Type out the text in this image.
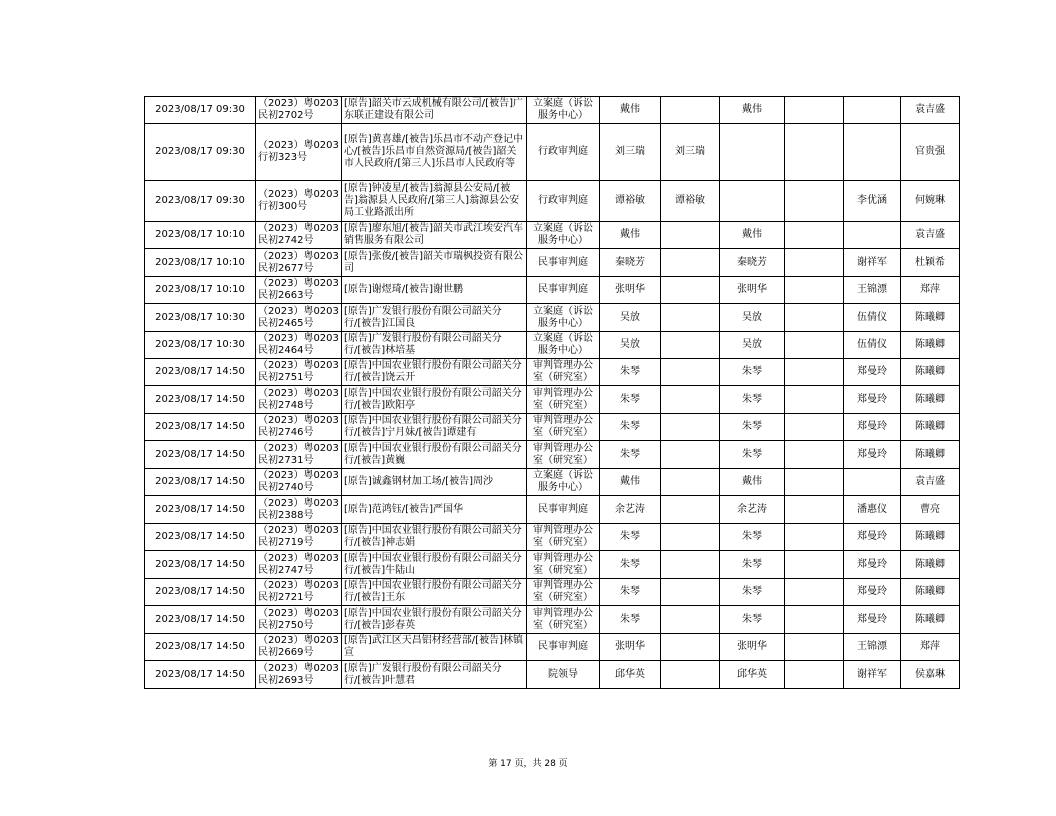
2023/08/17 09:30	（2023）粤0203民初2702号	[原告]韶关市云成机械有限公司/[被告]广东联正建设有限公司	立案庭（诉讼服务中心）	戴伟		戴伟			袁吉盛
2023/08/17 09:30	（2023）粤0203行初323号	[原告]黄喜雄/[被告]乐昌市不动产登记中心/[被告]乐昌市自然资源局/[被告]韶关市人民政府/[第三人]乐昌市人民政府等	行政审判庭	刘三瑞	刘三瑞				官贵强
2023/08/17 09:30	（2023）粤0203行初300号	[原告]钟凌星/[被告]翁源县公安局/[被告]翁源县人民政府/[第三人]翁源县公安局工业路派出所	行政审判庭	谭裕敏	谭裕敏			李优涵	何婉琳
2023/08/17 10:10	（2023）粤0203民初2742号	[原告]廖东旭/[被告]韶关市武江埃安汽车销售服务有限公司	立案庭（诉讼服务中心）	戴伟		戴伟			袁吉盛
2023/08/17 10:10	（2023）粤0203民初2677号	[原告]张俊/[被告]韶关市瑞枫投资有限公司	民事审判庭	秦晓芳		秦晓芳		谢祥军	杜颖希
2023/08/17 10:10	（2023）粤0203民初2663号	[原告]谢煜琦/[被告]谢世鹏	民事审判庭	张明华		张明华		王锦漂	郑萍
2023/08/17 10:30	（2023）粤0203民初2465号	[原告]广发银行股份有限公司韶关分行/[被告]江国良	立案庭（诉讼服务中心）	吴放		吴放		伍倩仪	陈曦卿
2023/08/17 10:30	（2023）粤0203民初2464号	[原告]广发银行股份有限公司韶关分行/[被告]林培基	立案庭（诉讼服务中心）	吴放		吴放		伍倩仪	陈曦卿
2023/08/17 14:50	（2023）粤0203民初2751号	[原告]中国农业银行股份有限公司韶关分行/[被告]饶云开	审判管理办公室（研究室）	朱琴		朱琴		郑曼玲	陈曦卿
2023/08/17 14:50	（2023）粤0203民初2748号	[原告]中国农业银行股份有限公司韶关分行/[被告]欧阳亭	审判管理办公室（研究室）	朱琴		朱琴		郑曼玲	陈曦卿
2023/08/17 14:50	（2023）粤0203民初2746号	[原告]中国农业银行股份有限公司韶关分行/[被告]宁月妹/[被告]谭建有	审判管理办公室（研究室）	朱琴		朱琴		郑曼玲	陈曦卿
2023/08/17 14:50	（2023）粤0203民初2731号	[原告]中国农业银行股份有限公司韶关分行/[被告]黄巍	审判管理办公室（研究室）	朱琴		朱琴		郑曼玲	陈曦卿
2023/08/17 14:50	（2023）粤0203民初2740号	[原告]诚鑫钢材加工场/[被告]周沙	立案庭（诉讼服务中心）	戴伟		戴伟			袁吉盛
2023/08/17 14:50	（2023）粤0203民初2388号	[原告]范鸿钰/[被告]严国华	民事审判庭	余艺涛		余艺涛		潘惠仪	曹亮
2023/08/17 14:50	（2023）粤0203民初2719号	[原告]中国农业银行股份有限公司韶关分行/[被告]神志娟	审判管理办公室（研究室）	朱琴		朱琴		郑曼玲	陈曦卿
2023/08/17 14:50	（2023）粤0203民初2747号	[原告]中国农业银行股份有限公司韶关分行/[被告]牛陆山	审判管理办公室（研究室）	朱琴		朱琴		郑曼玲	陈曦卿
2023/08/17 14:50	（2023）粤0203民初2721号	[原告]中国农业银行股份有限公司韶关分行/[被告]王东	审判管理办公室（研究室）	朱琴		朱琴		郑曼玲	陈曦卿
2023/08/17 14:50	（2023）粤0203民初2750号	[原告]中国农业银行股份有限公司韶关分行/[被告]彭春英	审判管理办公室（研究室）	朱琴		朱琴		郑曼玲	陈曦卿
2023/08/17 14:50	（2023）粤0203民初2669号	[原告]武江区天昌铝材经营部/[被告]林镇宣	民事审判庭	张明华		张明华		王锦漂	郑萍
2023/08/17 14:50	（2023）粤0203民初2693号	[原告]广发银行股份有限公司韶关分行/[被告]叶慧君	院领导	邱华英		邱华英		谢祥军	侯嘉琳
第 17 页，共 28 页
